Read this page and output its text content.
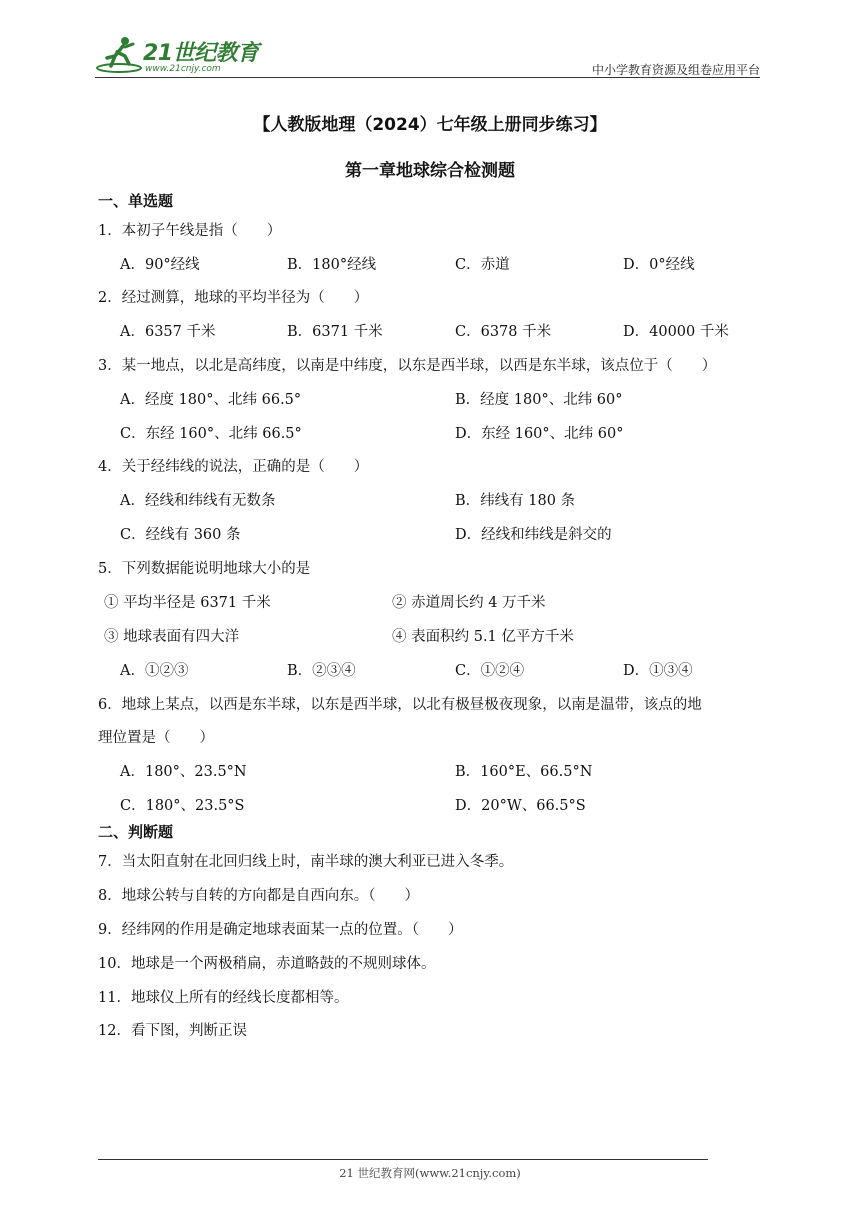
21世纪教育
www.21cnjy.com	中小学教育资源及组卷应用平台
【人教版地理（2024）七年级上册同步练习】
第一章地球综合检测题
一、单选题
1．本初子午线是指（　　）
A．90°经线	B．180°经线	C．赤道	D．0°经线
2．经过测算，地球的平均半径为（　　）
A．6357 千米	B．6371 千米	C．6378 千米	D．40000 千米
3．某一地点，以北是高纬度，以南是中纬度，以东是西半球，以西是东半球，该点位于（　　）
A．经度 180°、北纬 66.5°	B．经度 180°、北纬 60°
C．东经 160°、北纬 66.5°	D．东经 160°、北纬 60°
4．关于经纬线的说法，正确的是（　　）
A．经线和纬线有无数条	B．纬线有 180 条
C．经线有 360 条	D．经线和纬线是斜交的
5．下列数据能说明地球大小的是
① 平均半径是 6371 千米	② 赤道周长约 4 万千米
③ 地球表面有四大洋	④ 表面积约 5.1 亿平方千米
A．①②③	B．②③④	C．①②④	D．①③④
6．地球上某点，以西是东半球，以东是西半球，以北有极昼极夜现象，以南是温带，该点的地
理位置是（　　）
A．180°、23.5°N	B．160°E、66.5°N
C．180°、23.5°S	D．20°W、66.5°S
二、判断题
7．当太阳直射在北回归线上时，南半球的澳大利亚已进入冬季。
8．地球公转与自转的方向都是自西向东。（　　）
9．经纬网的作用是确定地球表面某一点的位置。（　　）
10．地球是一个两极稍扁，赤道略鼓的不规则球体。
11．地球仪上所有的经线长度都相等。
12．看下图，判断正误
21 世纪教育网(www.21cnjy.com)
